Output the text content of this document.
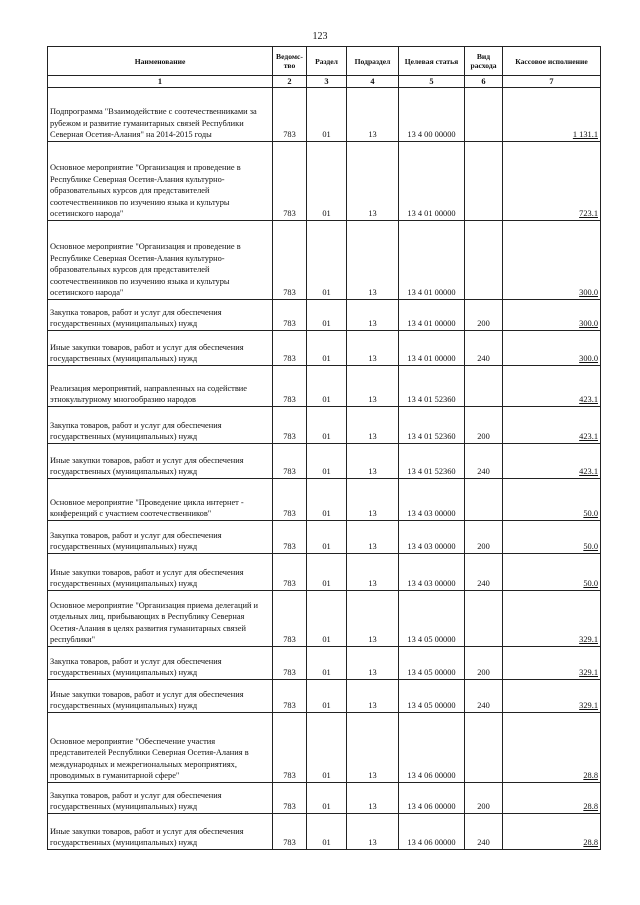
123
Наименование	Ведомс-тво	Раздел	Подраздел	Целевая статья	Вид расхода	Кассовое исполнение
1	2	3	4	5	6	7
Подпрограмма "Взаимодействие с соотечественниками за рубежом и развитие гуманитарных связей Республики Северная Осетия-Алания" на 2014-2015 годы	783	01	13	13 4 00 00000		1 131.1
Основное мероприятие "Организация и проведение в Республике Северная Осетия-Алания культурно-образовательных курсов для представителей соотечественников по изучению языка и культуры осетинского народа"	783	01	13	13 4 01 00000		723.1
Основное мероприятие "Организация и проведение в Республике Северная Осетия-Алания культурно-образовательных курсов для представителей соотечественников по изучению языка и культуры осетинского народа"	783	01	13	13 4 01 00000		300.0
Закупка товаров, работ и услуг для обеспечения государственных (муниципальных) нужд	783	01	13	13 4 01 00000	200	300.0
Иные закупки товаров, работ и услуг для обеспечения государственных (муниципальных) нужд	783	01	13	13 4 01 00000	240	300.0
Реализация мероприятий, направленных на содействие этнокультурному многообразию народов	783	01	13	13 4 01 52360		423.1
Закупка товаров, работ и услуг для обеспечения государственных (муниципальных) нужд	783	01	13	13 4 01 52360	200	423.1
Иные закупки товаров, работ и услуг для обеспечения государственных (муниципальных) нужд	783	01	13	13 4 01 52360	240	423.1
Основное мероприятие "Проведение цикла интернет - конференций с участием соотечественников"	783	01	13	13 4 03 00000		50.0
Закупка товаров, работ и услуг для обеспечения государственных (муниципальных) нужд	783	01	13	13 4 03 00000	200	50.0
Иные закупки товаров, работ и услуг для обеспечения государственных (муниципальных) нужд	783	01	13	13 4 03 00000	240	50.0
Основное мероприятие "Организация приема делегаций и отдельных лиц, прибывающих в Республику Северная Осетия-Алания в целях развития гуманитарных связей республики"	783	01	13	13 4 05 00000		329.1
Закупка товаров, работ и услуг для обеспечения государственных (муниципальных) нужд	783	01	13	13 4 05 00000	200	329.1
Иные закупки товаров, работ и услуг для обеспечения государственных (муниципальных) нужд	783	01	13	13 4 05 00000	240	329.1
Основное мероприятие "Обеспечение участия представителей Республики Северная Осетия-Алания в международных и межрегиональных мероприятиях, проводимых в гуманитарной сфере"	783	01	13	13 4 06 00000		28.8
Закупка товаров, работ и услуг для обеспечения государственных (муниципальных) нужд	783	01	13	13 4 06 00000	200	28.8
Иные закупки товаров, работ и услуг для обеспечения государственных (муниципальных) нужд	783	01	13	13 4 06 00000	240	28.8
